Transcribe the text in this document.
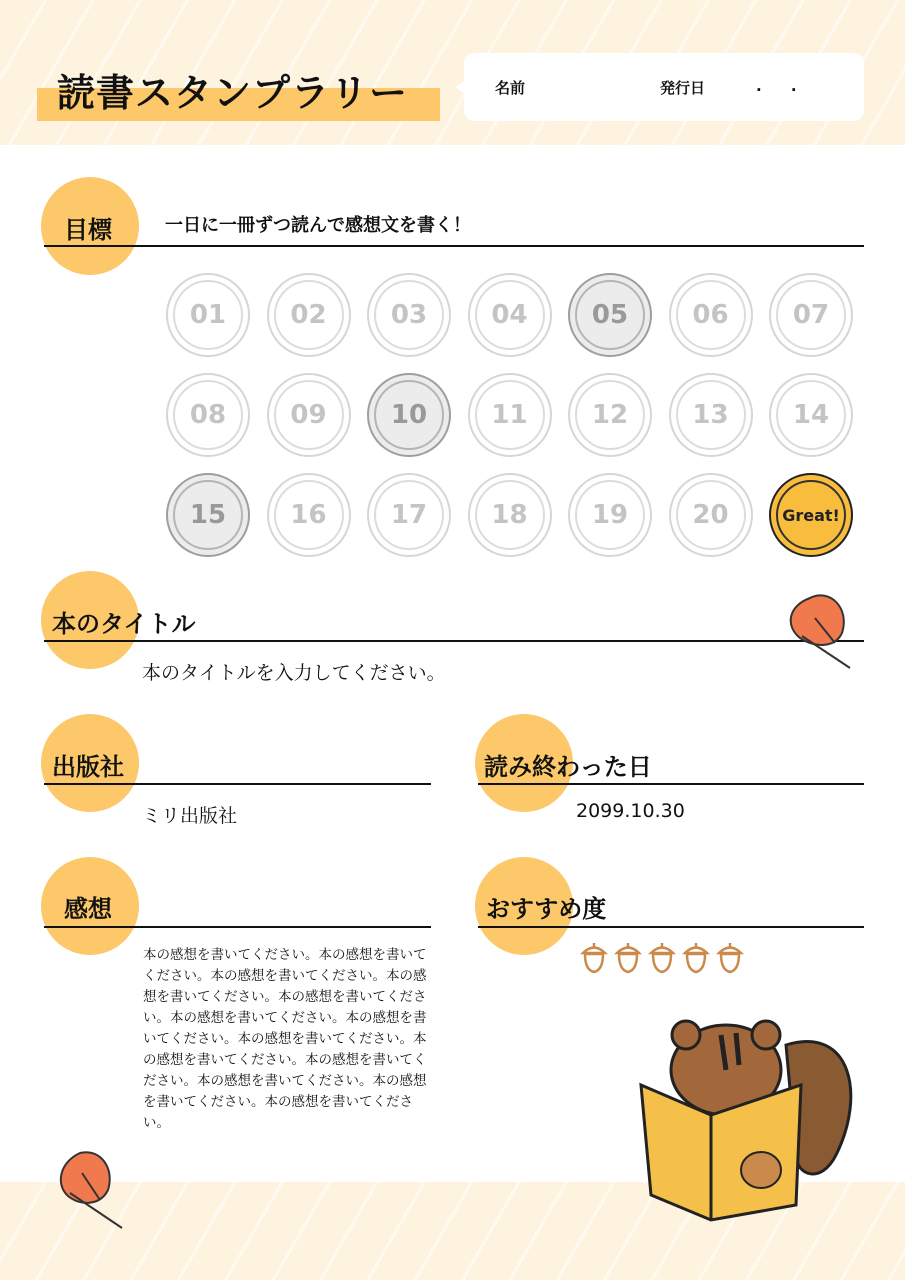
読書スタンプラリー	名前	発行日	. .
目標	一日に一冊ずつ読んで感想文を書く！
01 02 03 04 05 06 07
08 09 10 11 12 13 14
15 16 17 18 19 20	Great!
本のタイトル
本のタイトルを入力してください。
出版社
ミリ出版社
読み終わった日
2099.10.30
感想
本の感想を書いてください。本の感想を書いてください。本の感想を書いてください。本の感想を書いてください。本の感想を書いてください。本の感想を書いてください。本の感想を書いてください。本の感想を書いてください。本の感想を書いてください。本の感想を書いてください。本の感想を書いてください。本の感想を書いてください。本の感想を書いてください。
おすすめ度
